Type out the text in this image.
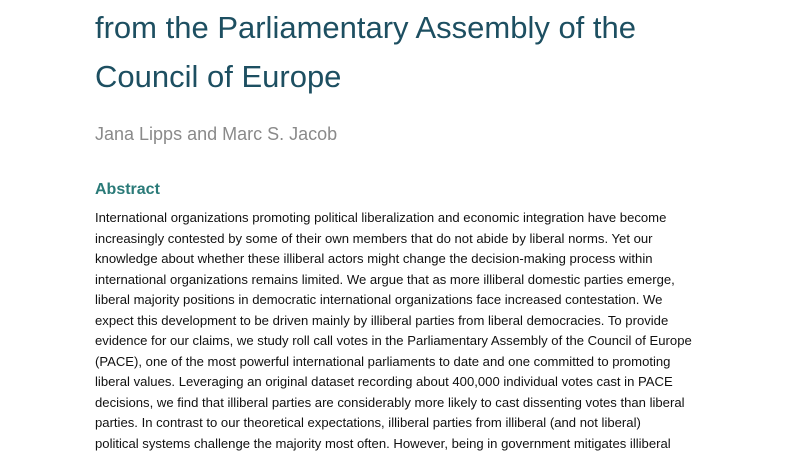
from the Parliamentary Assembly of the
Council of Europe

Jana Lipps and Marc S. Jacob

Abstract

International organizations promoting political liberalization and economic integration have become
increasingly contested by some of their own members that do not abide by liberal norms. Yet our
knowledge about whether these illiberal actors might change the decision-making process within
international organizations remains limited. We argue that as more illiberal domestic parties emerge,
liberal majority positions in democratic international organizations face increased contestation. We
expect this development to be driven mainly by illiberal parties from liberal democracies. To provide
evidence for our claims, we study roll call votes in the Parliamentary Assembly of the Council of Europe
(PACE), one of the most powerful international parliaments to date and one committed to promoting
liberal values. Leveraging an original dataset recording about 400,000 individual votes cast in PACE
decisions, we find that illiberal parties are considerably more likely to cast dissenting votes than liberal
parties. In contrast to our theoretical expectations, illiberal parties from illiberal (and not liberal)
political systems challenge the majority most often. However, being in government mitigates illiberal
